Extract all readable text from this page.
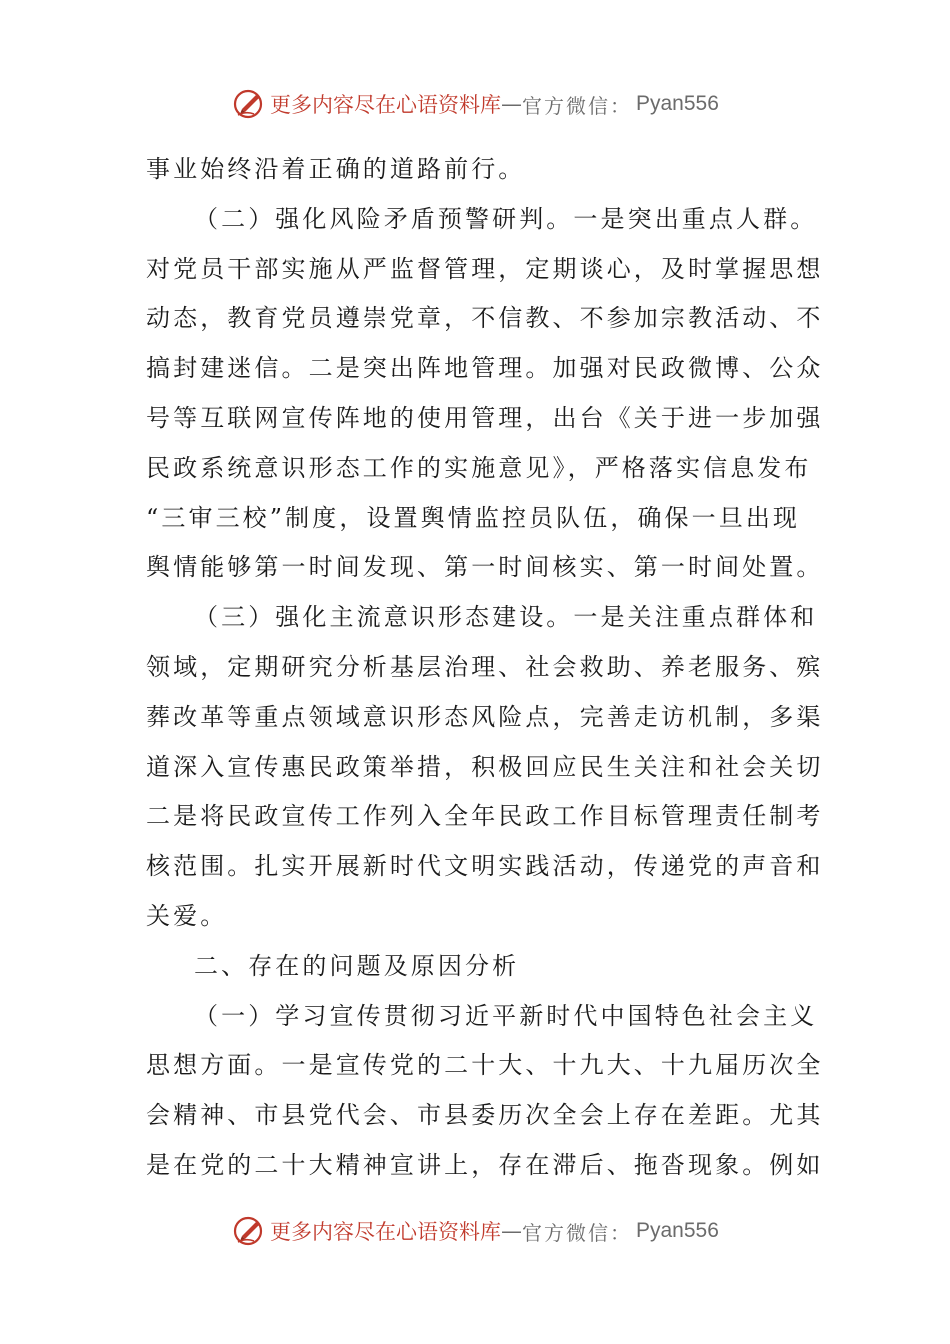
更多内容尽在心语资料库 — 官方微信： Pyan556
事业始终沿着正确的道路前行。
（二）强化风险矛盾预警研判。一是突出重点人群。
对党员干部实施从严监督管理，定期谈心，及时掌握思想
动态，教育党员遵崇党章，不信教、不参加宗教活动、不
搞封建迷信。二是突出阵地管理。加强对民政微博、公众
号等互联网宣传阵地的使用管理，出台《关于进一步加强
民政系统意识形态工作的实施意见》，严格落实信息发布
“三审三校”制度，设置舆情监控员队伍，确保一旦出现
舆情能够第一时间发现、第一时间核实、第一时间处置。
（三）强化主流意识形态建设。一是关注重点群体和
领域，定期研究分析基层治理、社会救助、养老服务、殡
葬改革等重点领域意识形态风险点，完善走访机制，多渠
道深入宣传惠民政策举措，积极回应民生关注和社会关切
二是将民政宣传工作列入全年民政工作目标管理责任制考
核范围。扎实开展新时代文明实践活动，传递党的声音和
关爱。
二、存在的问题及原因分析
（一）学习宣传贯彻习近平新时代中国特色社会主义
思想方面。一是宣传党的二十大、十九大、十九届历次全
会精神、市县党代会、市县委历次全会上存在差距。尤其
是在党的二十大精神宣讲上，存在滞后、拖沓现象。例如
更多内容尽在心语资料库 — 官方微信： Pyan556
